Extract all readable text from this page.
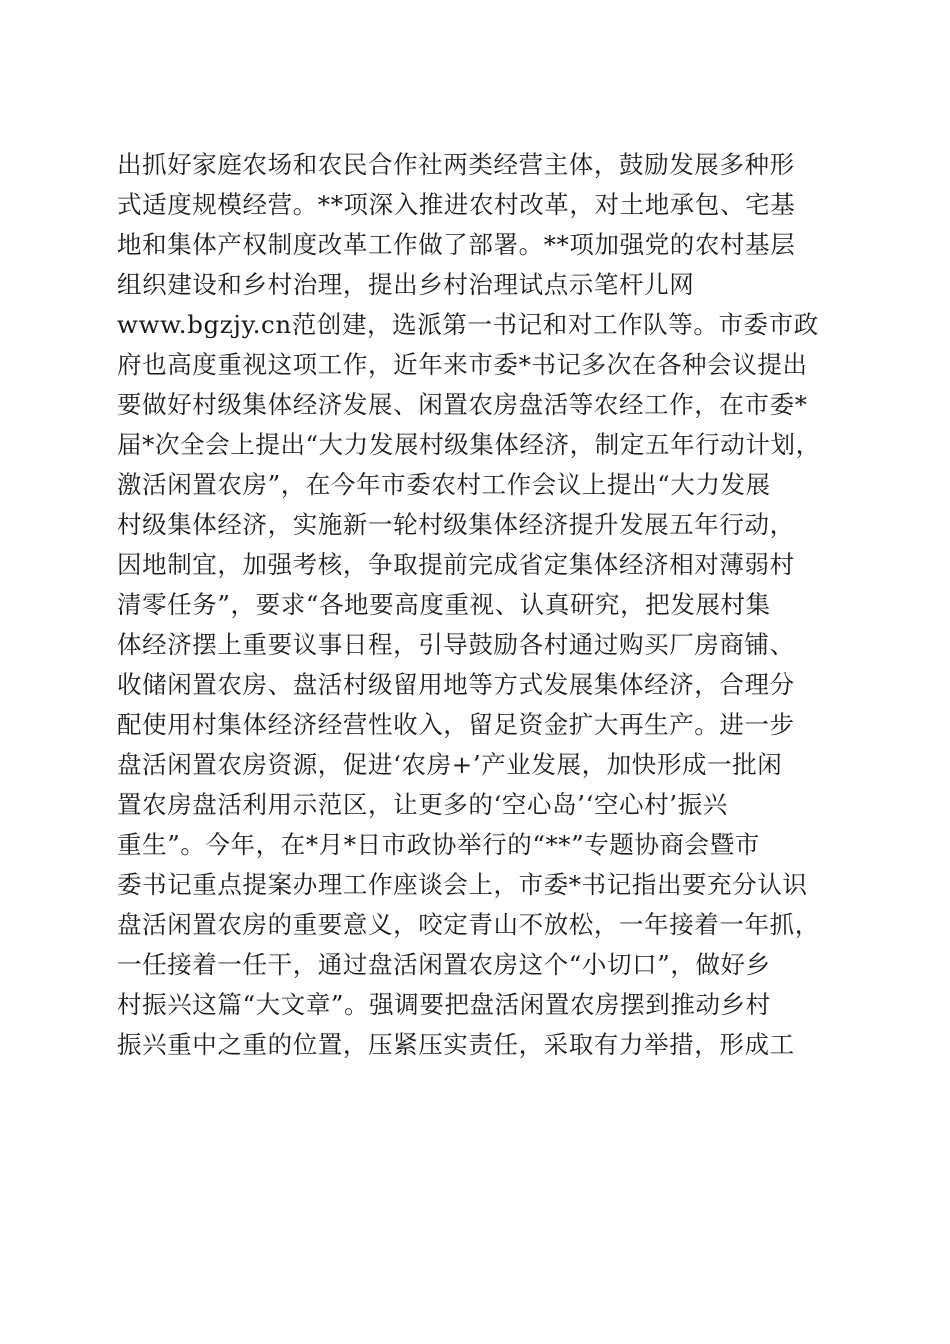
出抓好家庭农场和农民合作社两类经营主体，鼓励发展多种形
式适度规模经营。**项深入推进农村改革，对土地承包、宅基
地和集体产权制度改革工作做了部署。**项加强党的农村基层
组织建设和乡村治理，提出乡村治理试点示笔杆儿网
www.bgzjy.cn范创建，选派第一书记和对工作队等。市委市政
府也高度重视这项工作，近年来市委*书记多次在各种会议提出
要做好村级集体经济发展、闲置农房盘活等农经工作，在市委*
届*次全会上提出“大力发展村级集体经济，制定五年行动计划，
激活闲置农房”，在今年市委农村工作会议上提出“大力发展
村级集体经济，实施新一轮村级集体经济提升发展五年行动，
因地制宜，加强考核，争取提前完成省定集体经济相对薄弱村
清零任务”，要求“各地要高度重视、认真研究，把发展村集
体经济摆上重要议事日程，引导鼓励各村通过购买厂房商铺、
收储闲置农房、盘活村级留用地等方式发展集体经济，合理分
配使用村集体经济经营性收入，留足资金扩大再生产。进一步
盘活闲置农房资源，促进‘农房+’产业发展，加快形成一批闲
置农房盘活利用示范区，让更多的‘空心岛’‘空心村’振兴
重生”。今年，在*月*日市政协举行的“**”专题协商会暨市
委书记重点提案办理工作座谈会上，市委*书记指出要充分认识
盘活闲置农房的重要意义，咬定青山不放松，一年接着一年抓，
一任接着一任干，通过盘活闲置农房这个“小切口”，做好乡
村振兴这篇“大文章”。强调要把盘活闲置农房摆到推动乡村
振兴重中之重的位置，压紧压实责任，采取有力举措，形成工
